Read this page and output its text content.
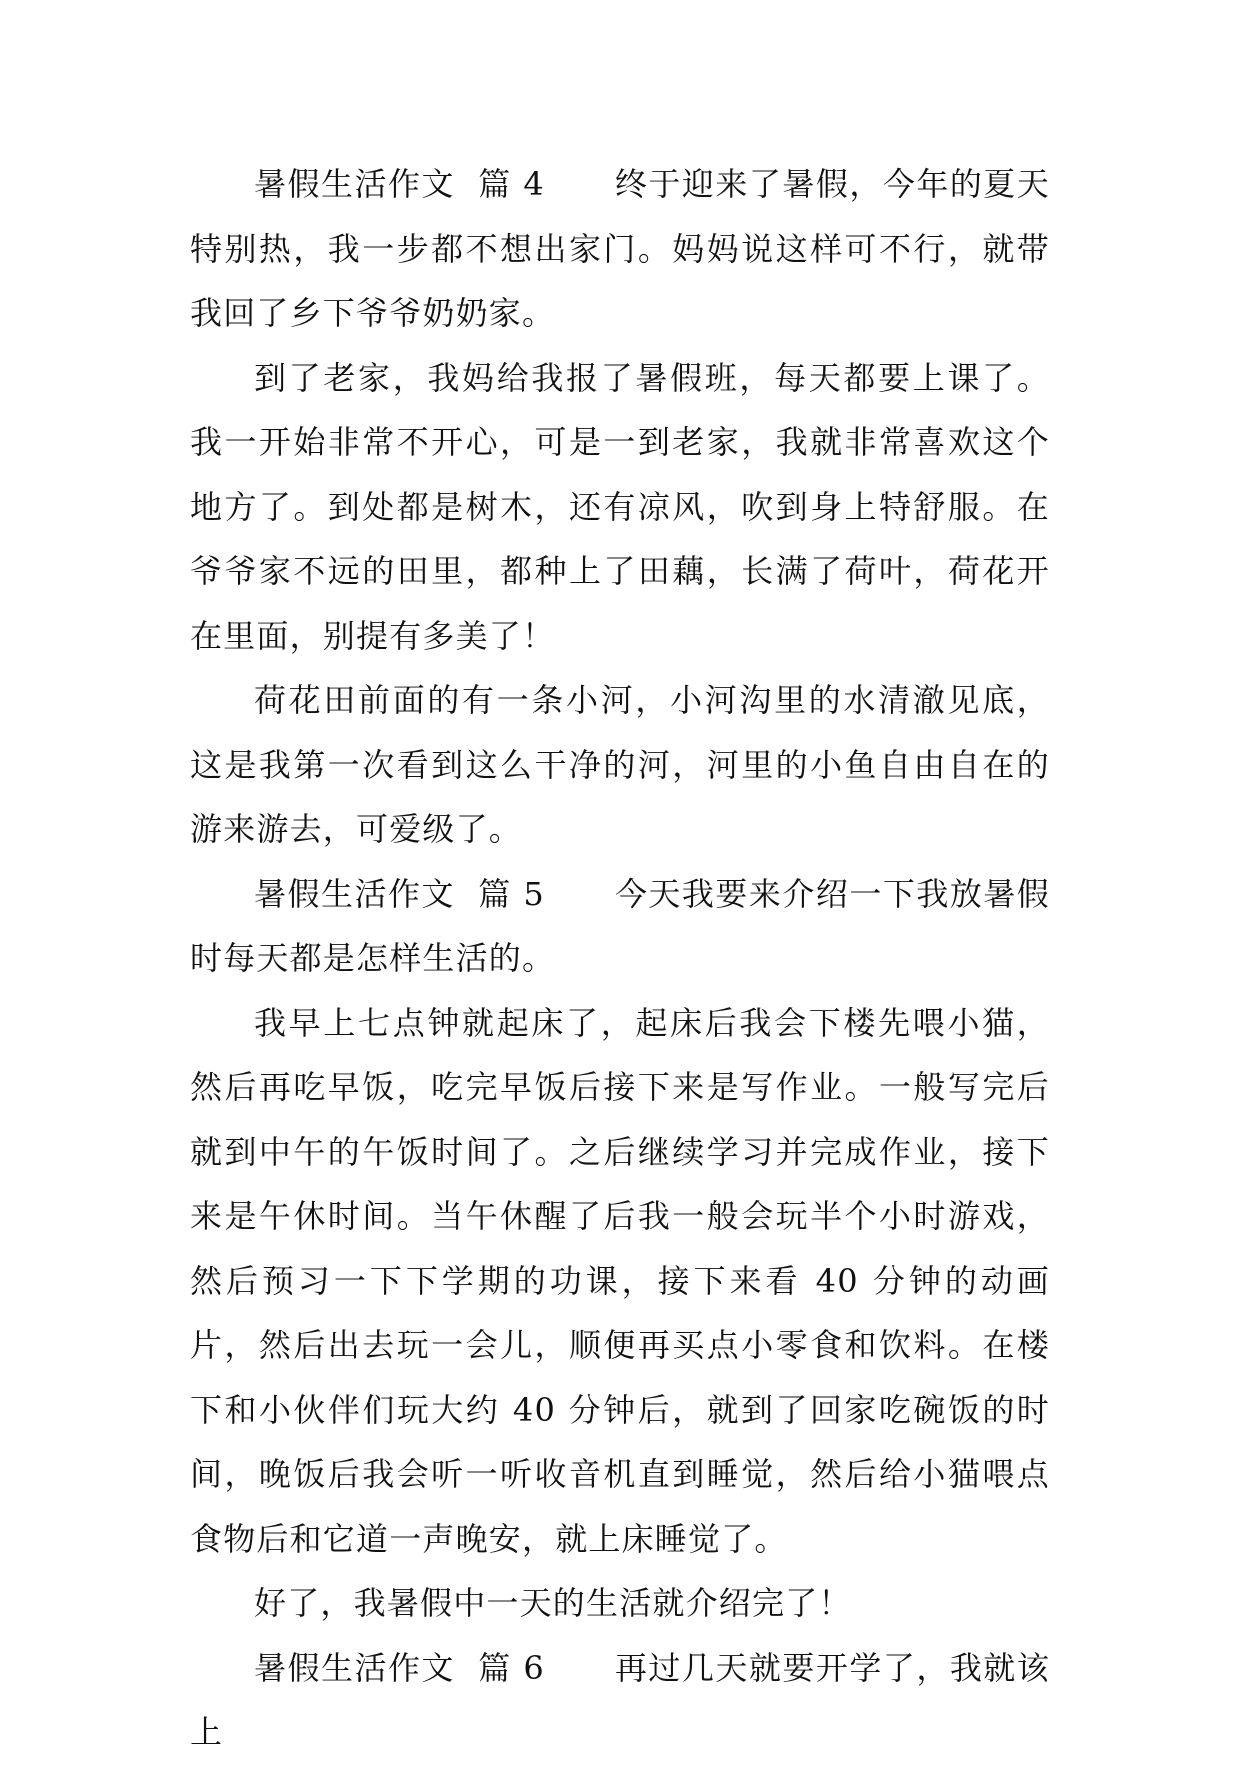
暑假生活作文  篇 4 终于迎来了暑假，今年的夏天特别热，我一步都不想出家门。妈妈说这样可不行，就带我回了乡下爷爷奶奶家。

到了老家，我妈给我报了暑假班，每天都要上课了。我一开始非常不开心，可是一到老家，我就非常喜欢这个地方了。到处都是树木，还有凉风，吹到身上特舒服。在爷爷家不远的田里，都种上了田藕，长满了荷叶，荷花开在里面，别提有多美了！

荷花田前面的有一条小河，小河沟里的水清澈见底，这是我第一次看到这么干净的河，河里的小鱼自由自在的游来游去，可爱级了。

暑假生活作文  篇 5 今天我要来介绍一下我放暑假时每天都是怎样生活的。

我早上七点钟就起床了，起床后我会下楼先喂小猫，然后再吃早饭，吃完早饭后接下来是写作业。一般写完后就到中午的午饭时间了。之后继续学习并完成作业，接下来是午休时间。当午休醒了后我一般会玩半个小时游戏，然后预习一下下学期的功课，接下来看 40 分钟的动画片，然后出去玩一会儿，顺便再买点小零食和饮料。在楼下和小伙伴们玩大约 40 分钟后，就到了回家吃碗饭的时间，晚饭后我会听一听收音机直到睡觉，然后给小猫喂点食物后和它道一声晚安，就上床睡觉了。

好了，我暑假中一天的生活就介绍完了！

暑假生活作文  篇 6 再过几天就要开学了，我就该上
